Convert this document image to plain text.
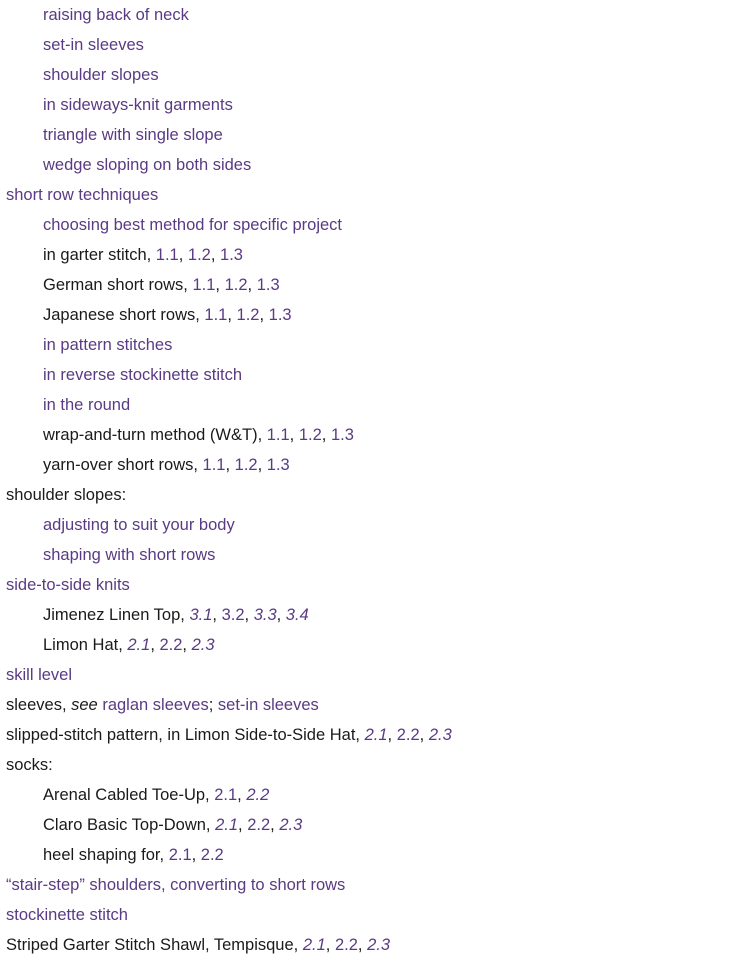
raising back of neck
set-in sleeves
shoulder slopes
in sideways-knit garments
triangle with single slope
wedge sloping on both sides
short row techniques
choosing best method for specific project
in garter stitch, 1.1, 1.2, 1.3
German short rows, 1.1, 1.2, 1.3
Japanese short rows, 1.1, 1.2, 1.3
in pattern stitches
in reverse stockinette stitch
in the round
wrap-and-turn method (W&T), 1.1, 1.2, 1.3
yarn-over short rows, 1.1, 1.2, 1.3
shoulder slopes:
adjusting to suit your body
shaping with short rows
side-to-side knits
Jimenez Linen Top, 3.1, 3.2, 3.3, 3.4
Limon Hat, 2.1, 2.2, 2.3
skill level
sleeves, see raglan sleeves; set-in sleeves
slipped-stitch pattern, in Limon Side-to-Side Hat, 2.1, 2.2, 2.3
socks:
Arenal Cabled Toe-Up, 2.1, 2.2
Claro Basic Top-Down, 2.1, 2.2, 2.3
heel shaping for, 2.1, 2.2
“stair-step” shoulders, converting to short rows
stockinette stitch
Striped Garter Stitch Shawl, Tempisque, 2.1, 2.2, 2.3
